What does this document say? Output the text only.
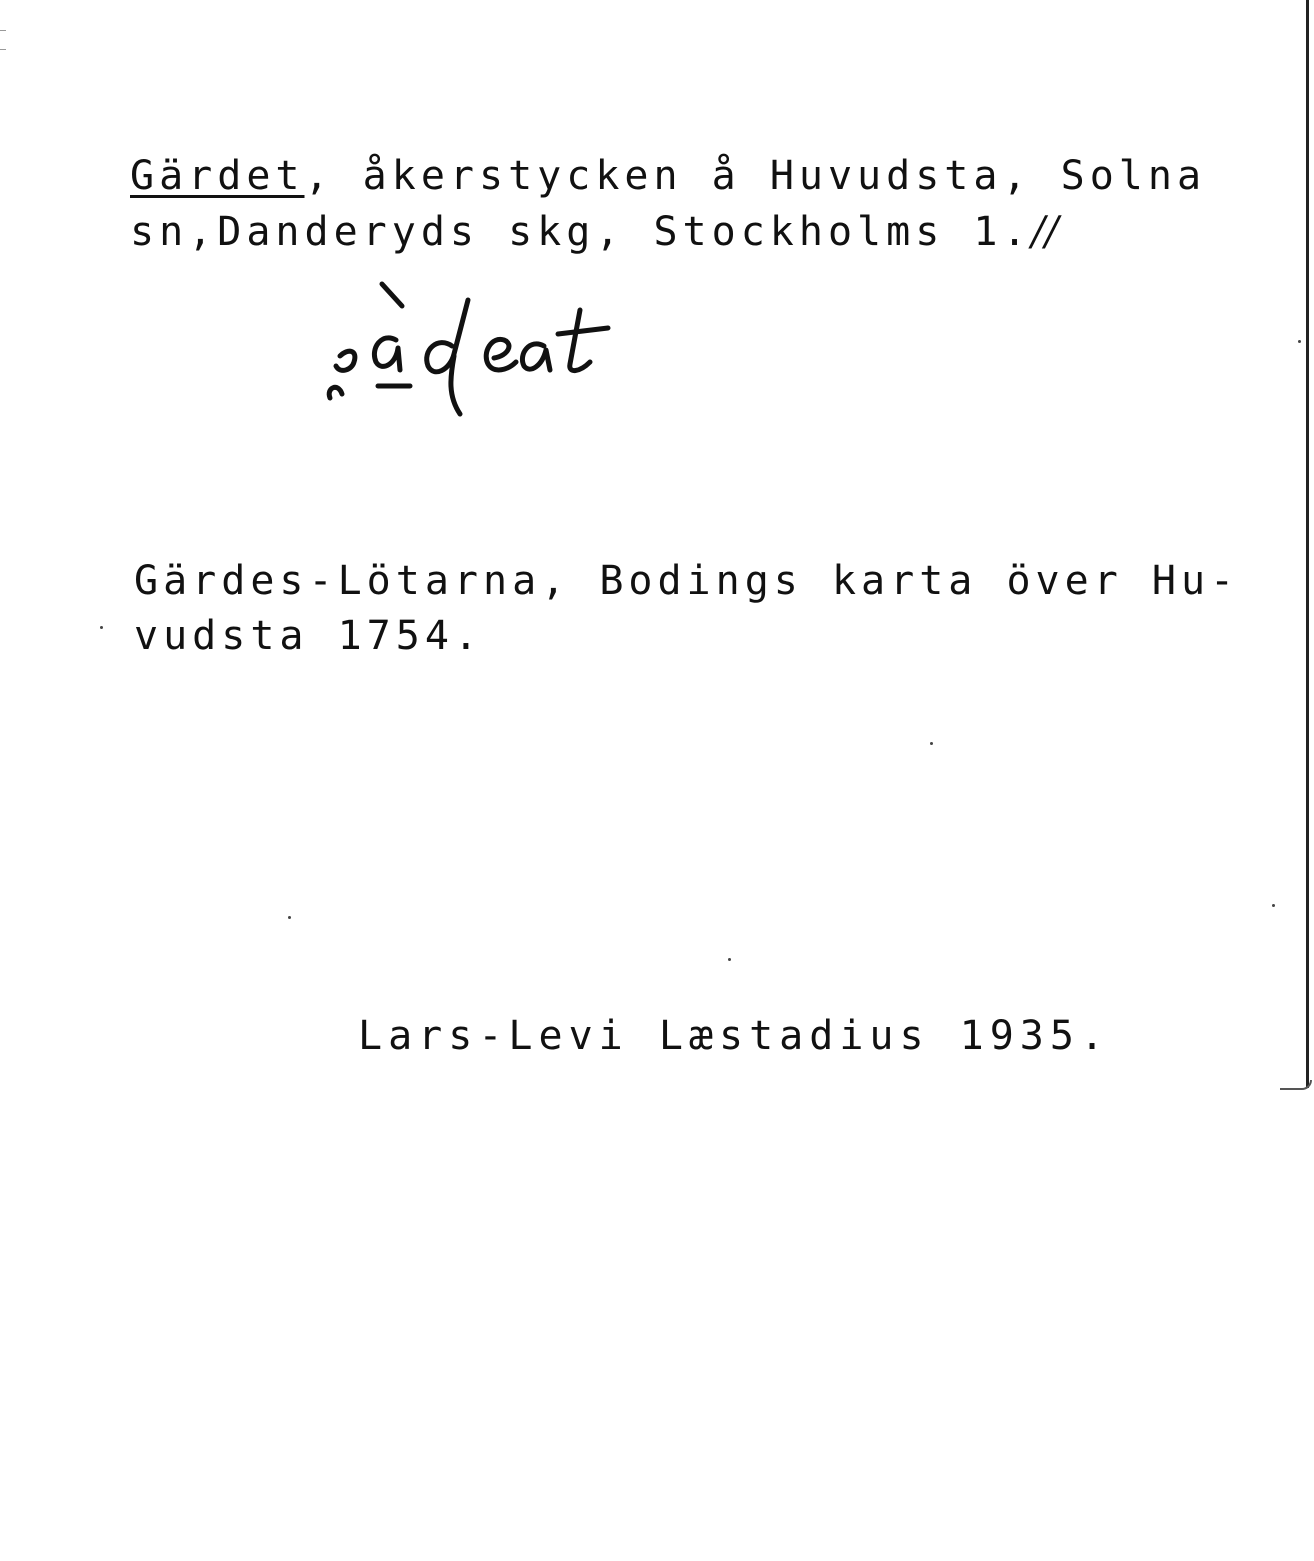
Gärdet, åkerstycken å Huvudsta, Solna
sn,Danderyds skg, Stockholms 1.//
Gärdes-Lötarna, Bodings karta över Hu-
vudsta 1754.
Lars-Levi Læstadius 1935.
